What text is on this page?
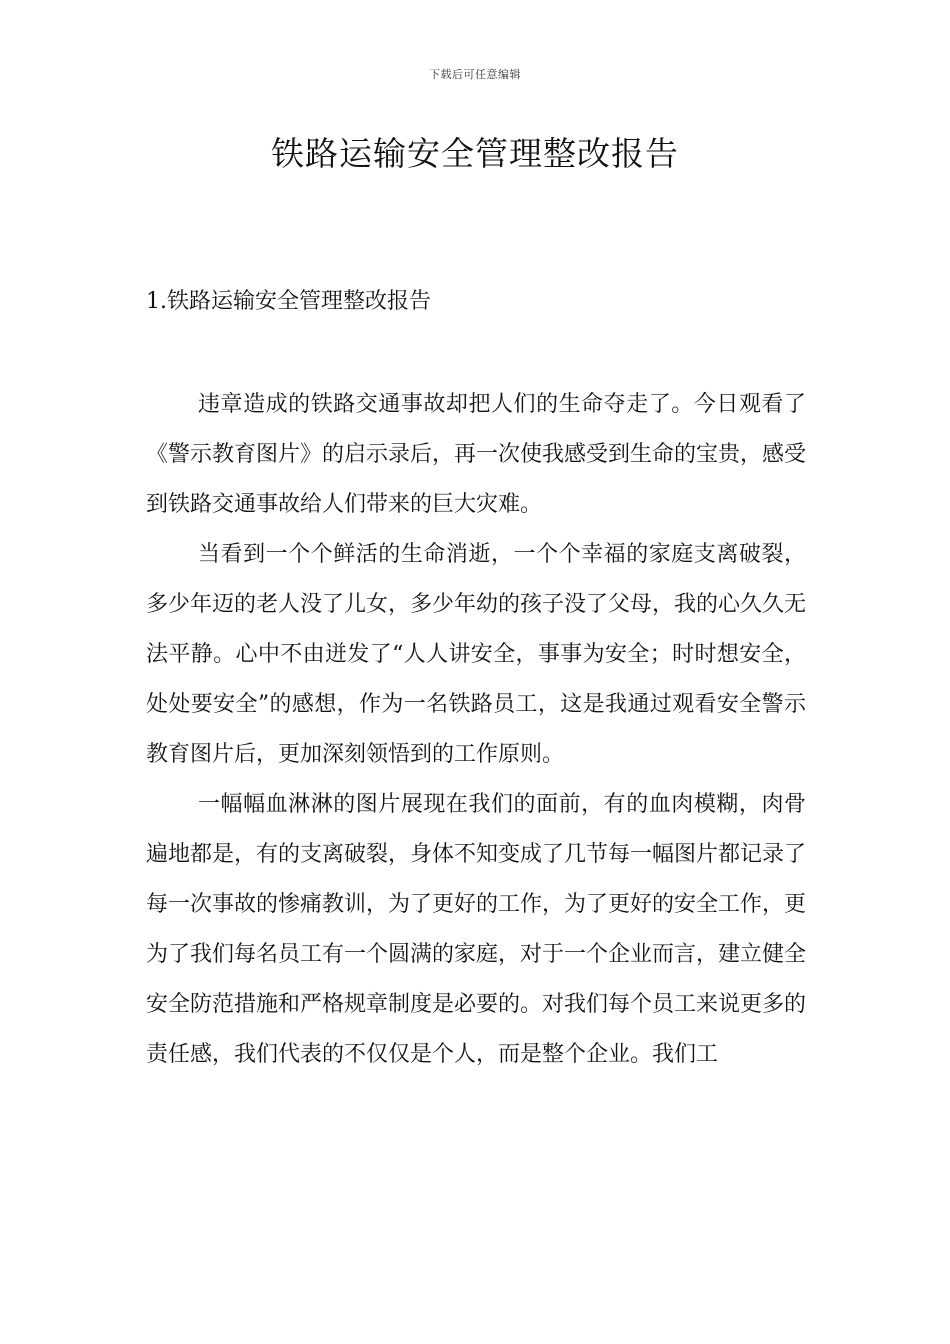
下载后可任意编辑
铁路运输安全管理整改报告
1.铁路运输安全管理整改报告

违章造成的铁路交通事故却把人们的生命夺走了。今日观看了《警示教育图片》的启示录后，再一次使我感受到生命的宝贵，感受到铁路交通事故给人们带来的巨大灾难。

当看到一个个鲜活的生命消逝，一个个幸福的家庭支离破裂，多少年迈的老人没了儿女，多少年幼的孩子没了父母，我的心久久无法平静。心中不由迸发了“人人讲安全，事事为安全；时时想安全，处处要安全”的感想，作为一名铁路员工，这是我通过观看安全警示教育图片后，更加深刻领悟到的工作原则。

一幅幅血淋淋的图片展现在我们的面前，有的血肉模糊，肉骨遍地都是，有的支离破裂，身体不知变成了几节每一幅图片都记录了每一次事故的惨痛教训，为了更好的工作，为了更好的安全工作，更为了我们每名员工有一个圆满的家庭，对于一个企业而言，建立健全安全防范措施和严格规章制度是必要的。对我们每个员工来说更多的责任感，我们代表的不仅仅是个人，而是整个企业。我们工
